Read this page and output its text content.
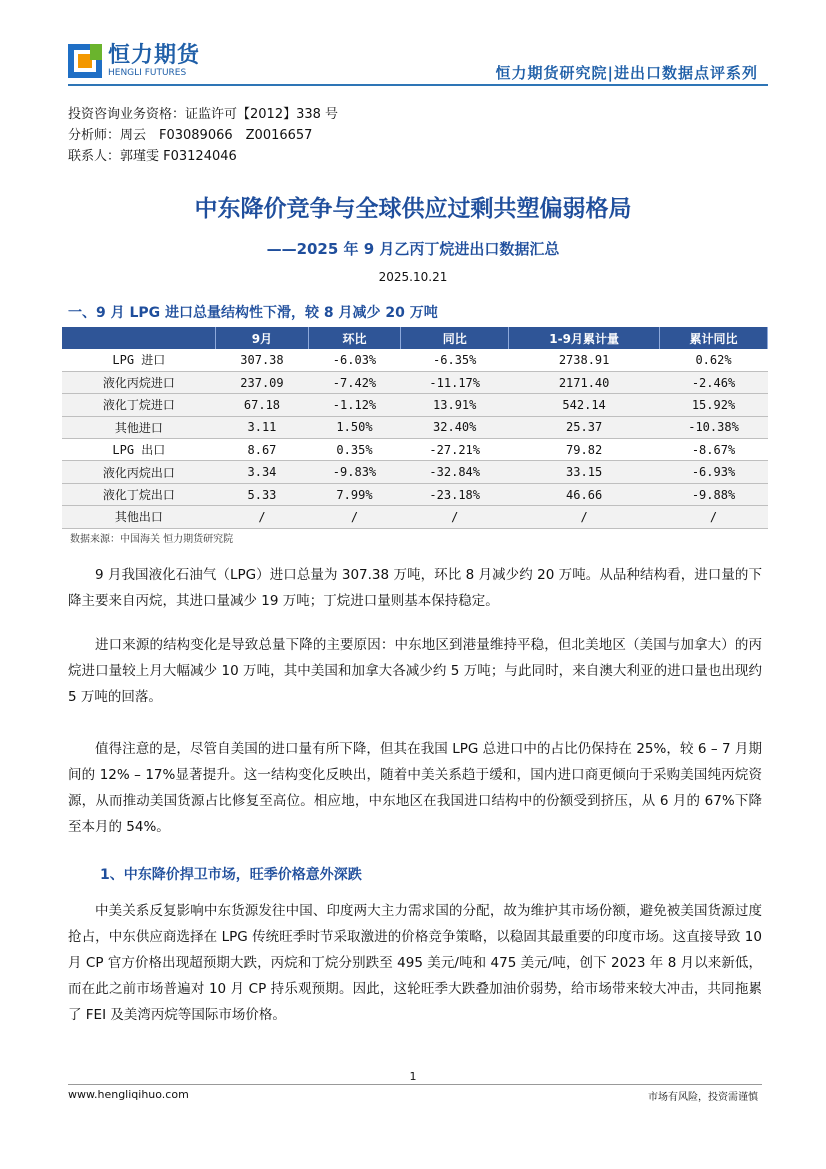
恒力期货
HENGLI FUTURES	恒力期货研究院|进出口数据点评系列
投资咨询业务资格：证监许可【2012】338 号
分析师：周云　F03089066　Z0016657
联系人：郭瑾雯 F03124046
中东降价竞争与全球供应过剩共塑偏弱格局
——2025 年 9 月乙丙丁烷进出口数据汇总
2025.10.21
一、9 月 LPG 进口总量结构性下滑，较 8 月减少 20 万吨
	9月	环比	同比	1-9月累计量	累计同比
LPG 进口	307.38	-6.03%	-6.35%	2738.91	0.62%
液化丙烷进口	237.09	-7.42%	-11.17%	2171.40	-2.46%
液化丁烷进口	67.18	-1.12%	13.91%	542.14	15.92%
其他进口	3.11	1.50%	32.40%	25.37	-10.38%
LPG 出口	8.67	0.35%	-27.21%	79.82	-8.67%
液化丙烷出口	3.34	-9.83%	-32.84%	33.15	-6.93%
液化丁烷出口	5.33	7.99%	-23.18%	46.66	-9.88%
其他出口	/	/	/	/	/
数据来源：中国海关 恒力期货研究院

9 月我国液化石油气（LPG）进口总量为 307.38 万吨，环比 8 月减少约 20 万吨。从品种结构看，进口量的下降主要来自丙烷，其进口量减少 19 万吨；丁烷进口量则基本保持稳定。

进口来源的结构变化是导致总量下降的主要原因：中东地区到港量维持平稳，但北美地区（美国与加拿大）的丙烷进口量较上月大幅减少 10 万吨，其中美国和加拿大各减少约 5 万吨；与此同时，来自澳大利亚的进口量也出现约 5 万吨的回落。

值得注意的是，尽管自美国的进口量有所下降，但其在我国 LPG 总进口中的占比仍保持在 25%，较 6 – 7 月期间的 12% – 17%显著提升。这一结构变化反映出，随着中美关系趋于缓和，国内进口商更倾向于采购美国纯丙烷资源，从而推动美国货源占比修复至高位。相应地，中东地区在我国进口结构中的份额受到挤压，从 6 月的 67%下降至本月的 54%。

1、中东降价捍卫市场，旺季价格意外深跌

中美关系反复影响中东货源发往中国、印度两大主力需求国的分配，故为维护其市场份额，避免被美国货源过度抢占，中东供应商选择在 LPG 传统旺季时节采取激进的价格竞争策略，以稳固其最重要的印度市场。这直接导致 10 月 CP 官方价格出现超预期大跌，丙烷和丁烷分别跌至 495 美元/吨和 475 美元/吨，创下 2023 年 8 月以来新低，而在此之前市场普遍对 10 月 CP 持乐观预期。因此，这轮旺季大跌叠加油价弱势，给市场带来较大冲击，共同拖累了 FEI 及美湾丙烷等国际市场价格。

1
www.hengliqihuo.com	市场有风险，投资需谨慎
